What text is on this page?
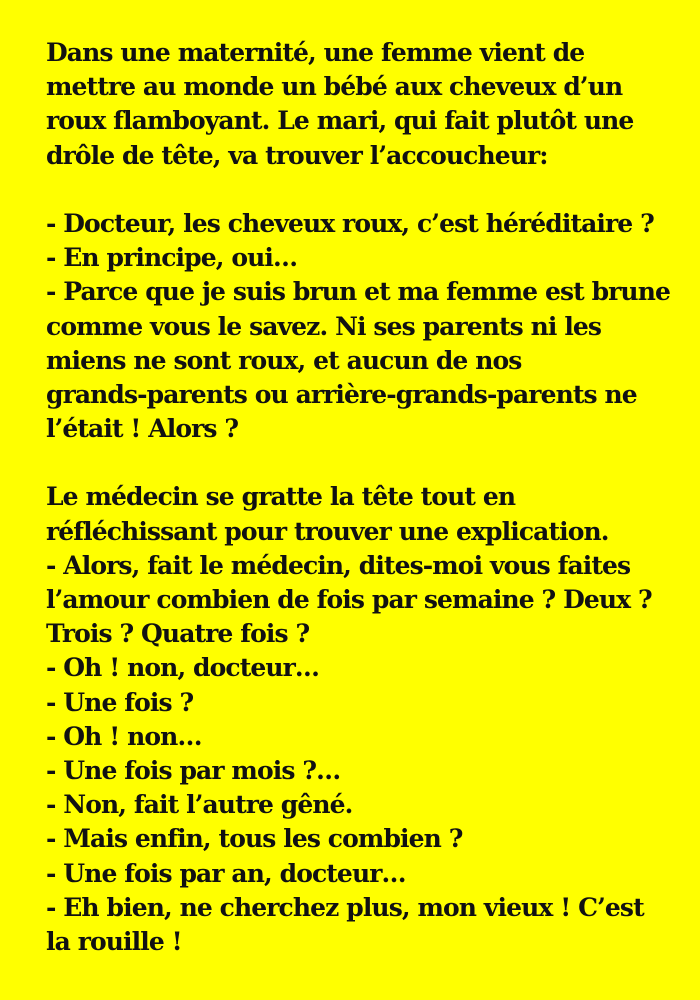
Dans une maternité, une femme vient de
mettre au monde un bébé aux cheveux d’un
roux flamboyant. Le mari, qui fait plutôt une
drôle de tête, va trouver l’accoucheur:
- Docteur, les cheveux roux, c’est héréditaire ?
- En principe, oui…
- Parce que je suis brun et ma femme est brune
comme vous le savez. Ni ses parents ni les
miens ne sont roux, et aucun de nos
grands-parents ou arrière-grands-parents ne
l’était ! Alors ?
Le médecin se gratte la tête tout en
réfléchissant pour trouver une explication.
- Alors, fait le médecin, dites-moi vous faites
l’amour combien de fois par semaine ? Deux ?
Trois ? Quatre fois ?
- Oh ! non, docteur…
- Une fois ?
- Oh ! non…
- Une fois par mois ?…
- Non, fait l’autre gêné.
- Mais enfin, tous les combien ?
- Une fois par an, docteur…
- Eh bien, ne cherchez plus, mon vieux ! C’est
la rouille !
